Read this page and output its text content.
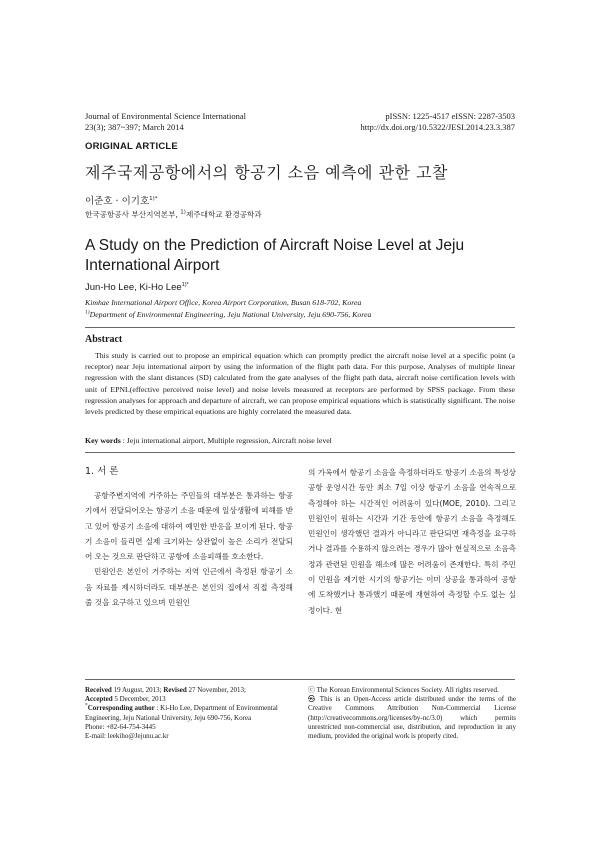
Journal of Environmental Science International
23(3); 387~397; March 2014
pISSN: 1225-4517 eISSN: 2287-3503
http://dx.doi.org/10.5322/JESI.2014.23.3.387
ORIGINAL ARTICLE
제주국제공항에서의 항공기 소음 예측에 관한 고찰
이준호 · 이기호$^{1)*}$
한국공항공사 부산지역본부, $^{1)}$제주대학교 환경공학과
A Study on the Prediction of Aircraft Noise Level at Jeju International Airport
Jun-Ho Lee, Ki-Ho Lee$^{1)*}$
Kimhae International Airport Office, Korea Airport Corporation, Busan 618-702, Korea
$^{1)}$Department of Environmental Engineering, Jeju National University, Jeju 690-756, Korea
Abstract
This study is carried out to propose an empirical equation which can promptly predict the aircraft noise level at a specific point (a receptor) near Jeju international airport by using the information of the flight path data. For this purpose, Analyses of multiple linear regression with the slant distances (SD) calculated from the gate analyses of the flight path data, aircraft noise certification levels with unit of EPNL(effective perceived noise level) and noise levels measured at receptors are performed by SPSS package. From these regression analyses for approach and departure of aircraft, we can propose empirical equations which is statistically significant. The noise levels predicted by these empirical equations are highly correlated the measured data.
Key words : Jeju international airport, Multiple regression, Aircraft noise level
1. 서 론

공항주변지역에 거주하는 주민들의 대부분은 통과하는 항공기에서 전달되어오는 항공기 소음 때문에 일상생활에 피해를 받고 있어 항공기 소음에 대하여 예민한 반응을 보이게 된다. 항공기 소음이 들리면 실제 크기와는 상관없이 높은 소리가 전달되어 오는 것으로 판단하고 공항에 소음피해를 호소한다.

민원인은 본인이 거주하는 지역 인근에서 측정된 항공기 소음 자료를 제시하더라도 대부분은 본인의 집에서 직접 측정해 줄 것을 요구하고 있으며 민원인

의 가옥에서 항공기 소음을 측정하더라도 항공기 소음의 특성상 공항 운영시간 동안 최소 7일 이상 항공기 소음을 연속적으로 측정해야 하는 시간적인 어려움이 있다(MOE, 2010). 그리고 민원인이 원하는 시간과 기간 동안에 항공기 소음을 측정해도 민원인이 생각했던 결과가 아니라고 판단되면 재측정을 요구하거나 결과를 수용하지 않으려는 경우가 많아 현실적으로 소음측정과 관련된 민원을 해소에 많은 어려움이 존재한다. 특히 주민이 민원을 제기한 시기의 항공기는 이미 상공을 통과하여 공항에 도착했거나 통과했기 때문에 재현하여 측정할 수도 없는 실정이다. 현

Received 19 August, 2013; Revised 27 November, 2013;
Accepted 5 December, 2013
*Corresponding author : Ki-Ho Lee, Department of Environmental Engineering, Jeju National University, Jeju 690-756, Korea
Phone: +82-64-754-3445
E-mail: leekiho@Jejunu.ac.kr
ⓒ The Korean Environmental Sciences Society. All rights reserved.
㉿ This is an Open-Access article distributed under the terms of the Creative Commons Attribution Non-Commercial License (http://creativecommons.org/licenses/by-nc/3.0) which permits unrestricted non-commercial use, distribution, and reproduction in any medium, provided the original work is properly cited.
